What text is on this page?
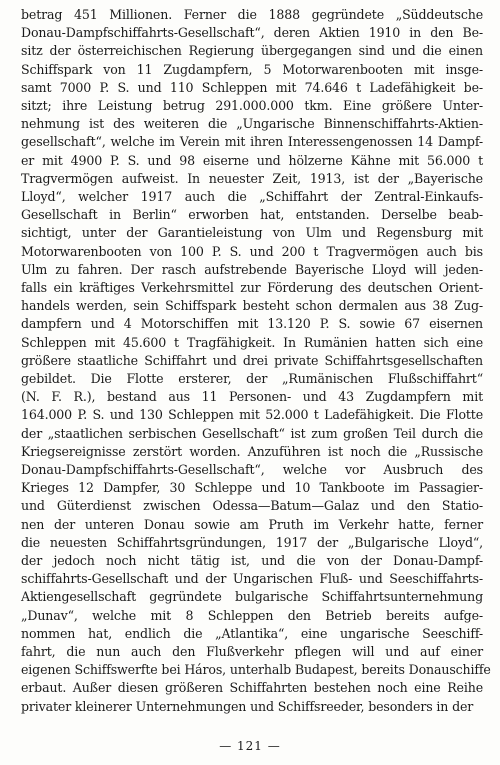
betrag 451 Millionen. Ferner die 1888 gegründete „Süddeutsche
Donau-Dampfschiffahrts-Gesellschaft“, deren Aktien 1910 in den Be-
sitz der österreichischen Regierung übergegangen sind und die einen
Schiffspark von 11 Zugdampfern, 5 Motorwarenbooten mit insge-
samt 7000 P. S. und 110 Schleppen mit 74.646 t Ladefähigkeit be-
sitzt; ihre Leistung betrug 291.000.000 tkm. Eine größere Unter-
nehmung ist des weiteren die „Ungarische Binnenschiffahrts-Aktien-
gesellschaft“, welche im Verein mit ihren Interessengenossen 14 Dampf-
er mit 4900 P. S. und 98 eiserne und hölzerne Kähne mit 56.000 t
Tragvermögen aufweist. In neuester Zeit, 1913, ist der „Bayerische
Lloyd“, welcher 1917 auch die „Schiffahrt der Zentral-Einkaufs-
Gesellschaft in Berlin“ erworben hat, entstanden. Derselbe beab-
sichtigt, unter der Garantieleistung von Ulm und Regensburg mit
Motorwarenbooten von 100 P. S. und 200 t Tragvermögen auch bis
Ulm zu fahren. Der rasch aufstrebende Bayerische Lloyd will jeden-
falls ein kräftiges Verkehrsmittel zur Förderung des deutschen Orient-
handels werden, sein Schiffspark besteht schon dermalen aus 38 Zug-
dampfern und 4 Motorschiffen mit 13.120 P. S. sowie 67 eisernen
Schleppen mit 45.600 t Tragfähigkeit. In Rumänien hatten sich eine
größere staatliche Schiffahrt und drei private Schiffahrtsgesellschaften
gebildet. Die Flotte ersterer, der „Rumänischen Flußschiffahrt“
(N. F. R.), bestand aus 11 Personen- und 43 Zugdampfern mit
164.000 P. S. und 130 Schleppen mit 52.000 t Ladefähigkeit. Die Flotte
der „staatlichen serbischen Gesellschaft“ ist zum großen Teil durch die
Kriegsereignisse zerstört worden. Anzuführen ist noch die „Russische
Donau-Dampfschiffahrts-Gesellschaft“, welche vor Ausbruch des
Krieges 12 Dampfer, 30 Schleppe und 10 Tankboote im Passagier-
und Güterdienst zwischen Odessa—Batum—Galaz und den Statio-
nen der unteren Donau sowie am Pruth im Verkehr hatte, ferner
die neuesten Schiffahrtsgründungen, 1917 der „Bulgarische Lloyd“,
der jedoch noch nicht tätig ist, und die von der Donau-Dampf-
schiffahrts-Gesellschaft und der Ungarischen Fluß- und Seeschiffahrts-
Aktiengesellschaft gegründete bulgarische Schiffahrtsunternehmung
„Dunav“, welche mit 8 Schleppen den Betrieb bereits aufge-
nommen hat, endlich die „Atlantika“, eine ungarische Seeschiff-
fahrt, die nun auch den Flußverkehr pflegen will und auf einer
eigenen Schiffswerfte bei Háros, unterhalb Budapest, bereits Donauschiffe
erbaut. Außer diesen größeren Schiffahrten bestehen noch eine Reihe
privater kleinerer Unternehmungen und Schiffsreeder, besonders in der
— 121 —
